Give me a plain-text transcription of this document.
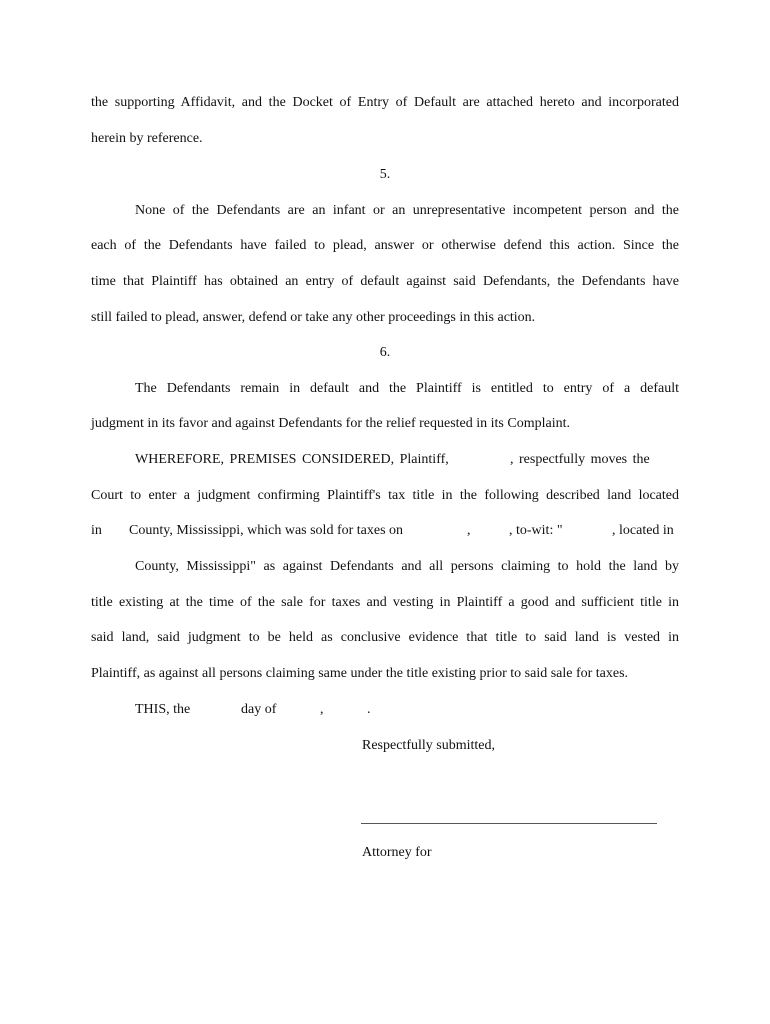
the supporting Affidavit, and the Docket of Entry of Default are attached hereto and incorporated
herein by reference.
5.
None of the Defendants are an infant or an unrepresentative incompetent person and the
each of the Defendants have failed to plead, answer or otherwise defend this action. Since the
time that Plaintiff has obtained an entry of default against said Defendants, the Defendants have
still failed to plead, answer, defend or take any other proceedings in this action.
6.
The Defendants remain in default and the Plaintiff is entitled to entry of a default
judgment in its favor and against Defendants for the relief requested in its Complaint.
WHEREFORE, PREMISES CONSIDERED, Plaintiff,	, respectfully moves the
Court to enter a judgment confirming Plaintiff's tax title in the following described land located
in County, Mississippi, which was sold for taxes on	,	, to-wit: "	, located in
County, Mississippi" as against Defendants and all persons claiming to hold the land by
title existing at the time of the sale for taxes and vesting in Plaintiff a good and sufficient title in
said land, said judgment to be held as conclusive evidence that title to said land is vested in
Plaintiff, as against all persons claiming same under the title existing prior to said sale for taxes.
THIS, the	day of	,	.
Respectfully submitted,
Attorney for
